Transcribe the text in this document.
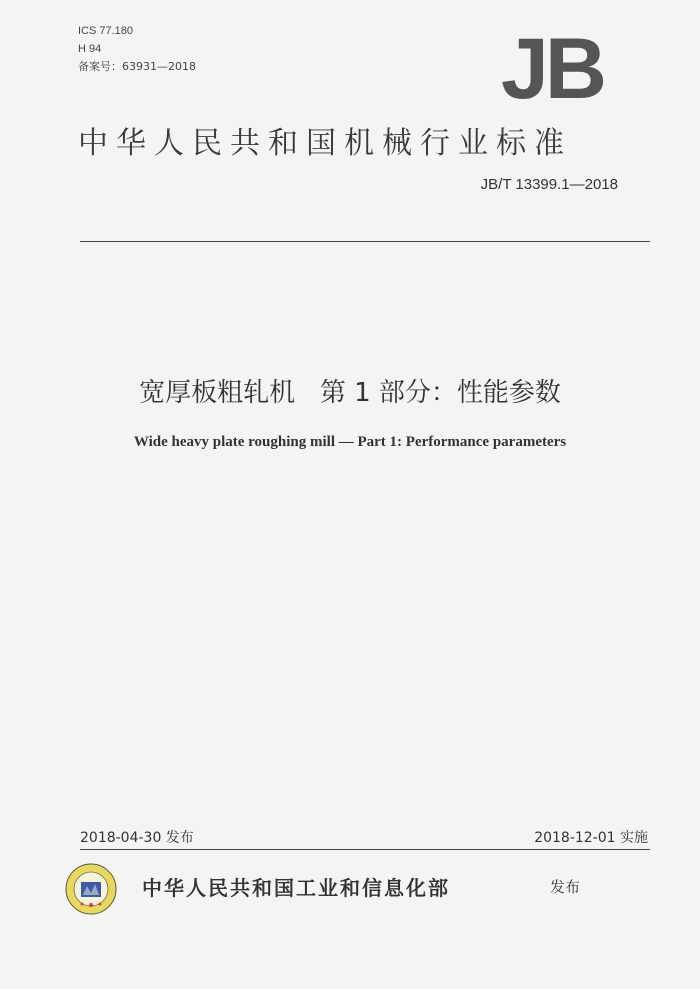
ICS 77.180
H 94
备案号：63931—2018	JB
中华人民共和国机械行业标准
JB/T 13399.1—2018
宽厚板粗轧机   第 1 部分：性能参数
Wide heavy plate roughing mill — Part 1: Performance parameters
2018-04-30 发布	2018-12-01 实施
中华人民共和国工业和信息化部	发布
